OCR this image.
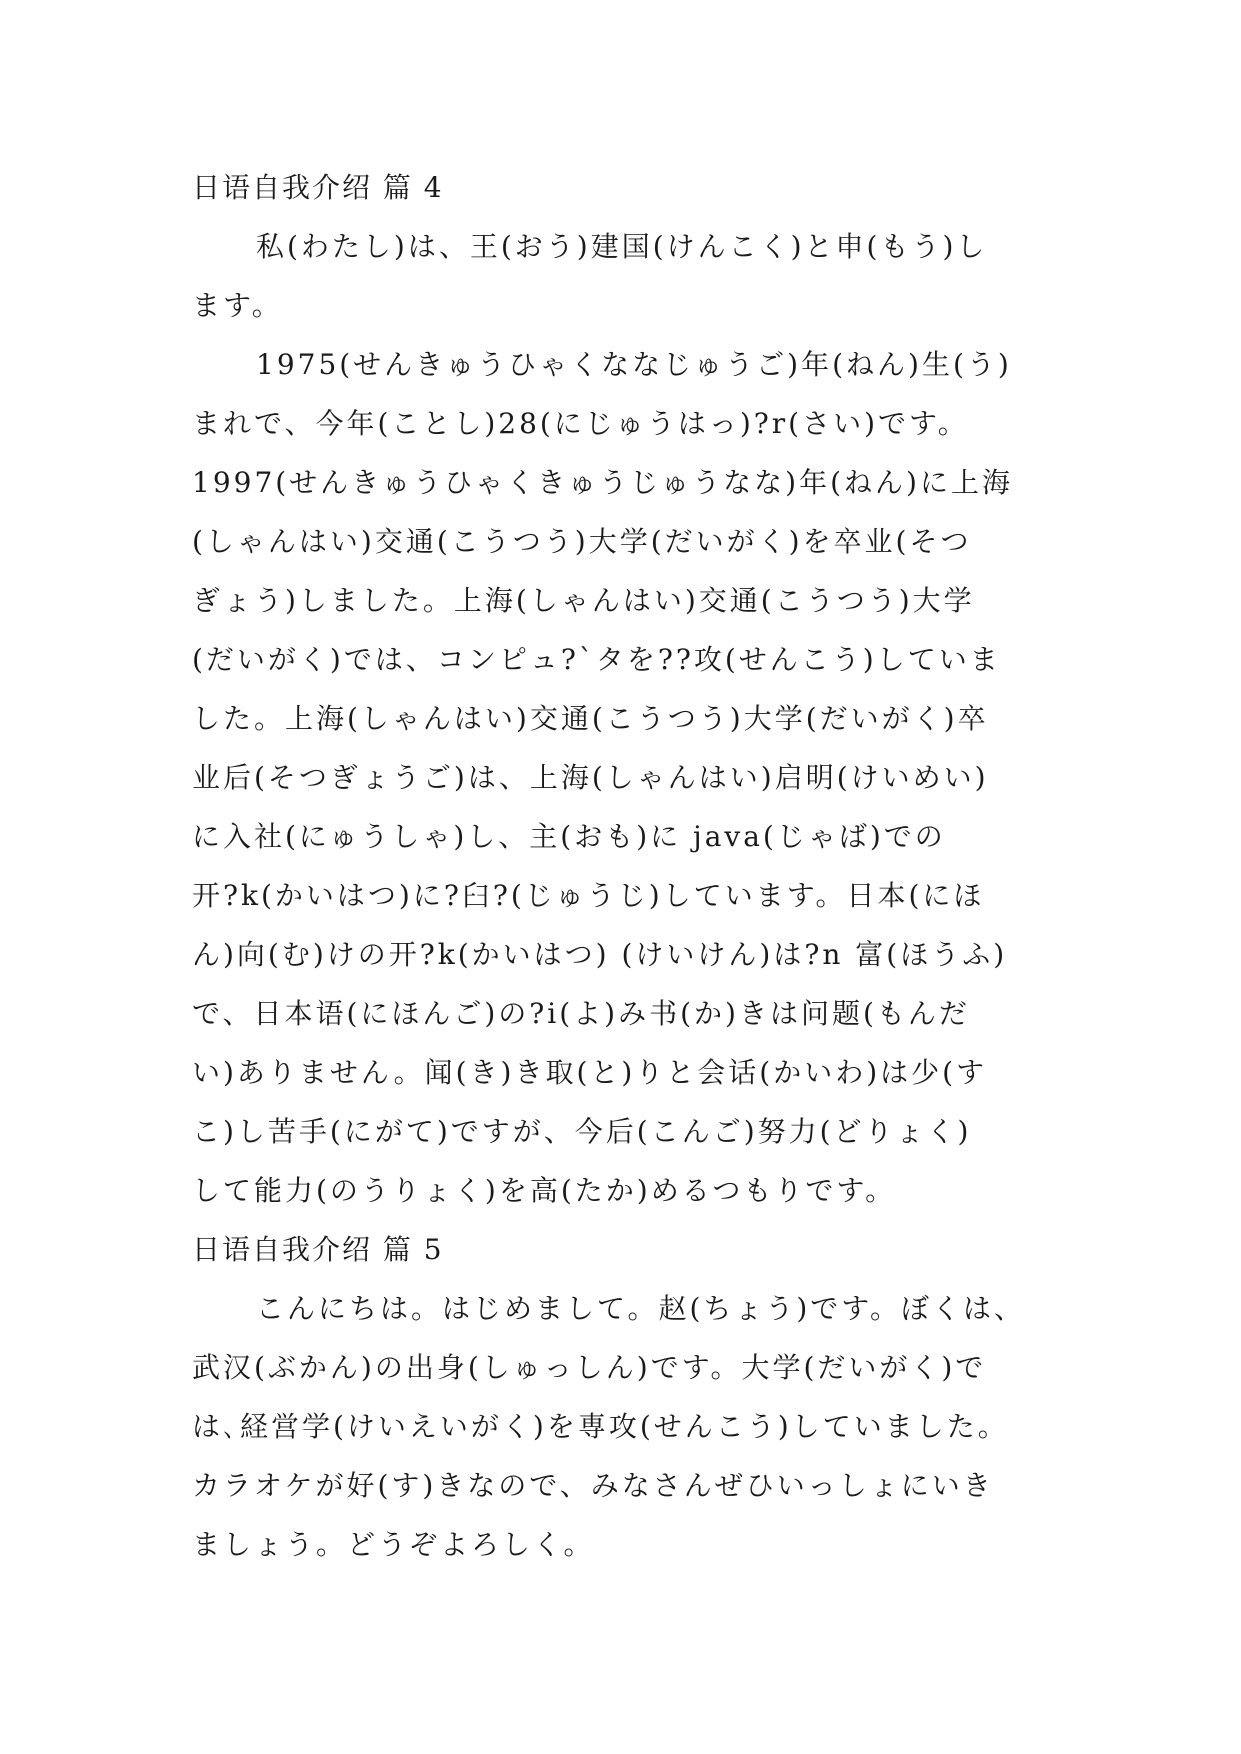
日语自我介绍 篇 4
私(わたし)は、王(おう)建国(けんこく)と申(もう)し
ます。
1975(せんきゅうひゃくななじゅうご)年(ねん)生(う)
まれで、今年(ことし)28(にじゅうはっ)?r(さい)です。
1997(せんきゅうひゃくきゅうじゅうなな)年(ねん)に上海
(しゃんはい)交通(こうつう)大学(だいがく)を卒业(そつ
ぎょう)しました。上海(しゃんはい)交通(こうつう)大学
(だいがく)では、コンピュ?`タを??攻(せんこう)していま
した。上海(しゃんはい)交通(こうつう)大学(だいがく)卒
业后(そつぎょうご)は、上海(しゃんはい)启明(けいめい)
に入社(にゅうしゃ)し、主(おも)に java(じゃば)での
开?k(かいはつ)に?臼?(じゅうじ)しています。日本(にほ
ん)向(む)けの开?k(かいはつ) (けいけん)は?n 富(ほうふ)
で、日本语(にほんご)の?i(よ)み书(か)きは问题(もんだ
い)ありません。闻(き)き取(と)りと会话(かいわ)は少(す
こ)し苦手(にがて)ですが、今后(こんご)努力(どりょく)
して能力(のうりょく)を高(たか)めるつもりです。
日语自我介绍 篇 5
こんにちは。はじめまして。赵(ちょう)です。ぼくは、
武汉(ぶかん)の出身(しゅっしん)です。大学(だいがく)で
は､経営学(けいえいがく)を専攻(せんこう)していました。
カラオケが好(す)きなので、みなさんぜひいっしょにいき
ましょう。どうぞよろしく。
